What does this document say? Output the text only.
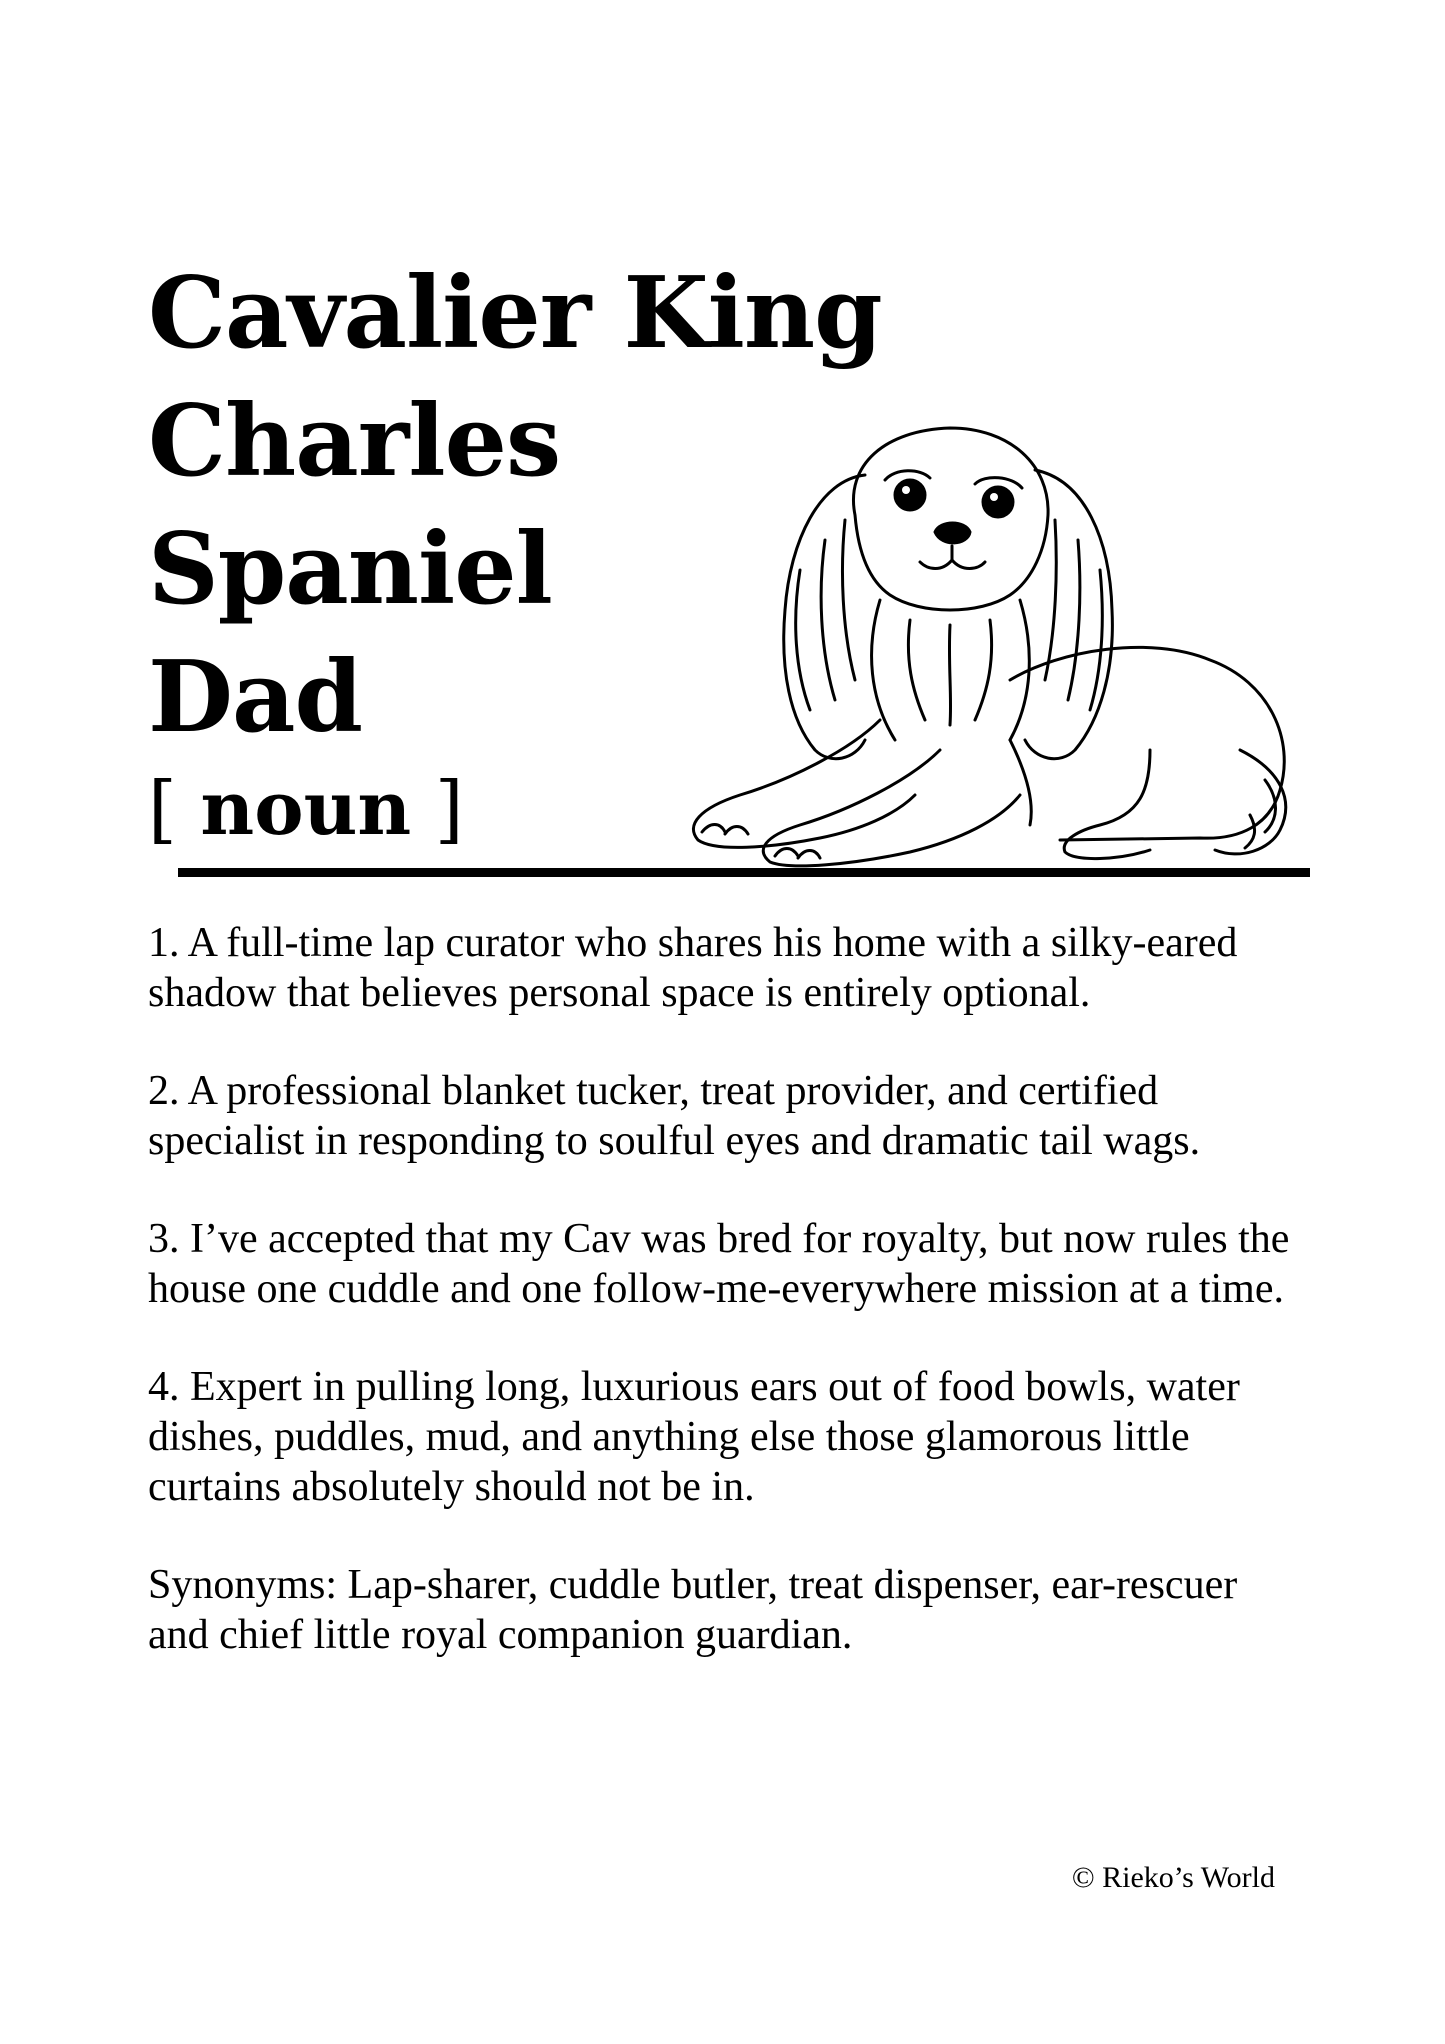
Cavalier King
Charles
Spaniel
Dad
[ noun ]

1. A full-time lap curator who shares his home with a silky-eared shadow that believes personal space is entirely optional.

2. A professional blanket tucker, treat provider, and certified specialist in responding to soulful eyes and dramatic tail wags.

3. I’ve accepted that my Cav was bred for royalty, but now rules the house one cuddle and one follow-me-everywhere mission at a time.

4. Expert in pulling long, luxurious ears out of food bowls, water dishes, puddles, mud, and anything else those glamorous little curtains absolutely should not be in.

Synonyms: Lap-sharer, cuddle butler, treat dispenser, ear-rescuer and chief little royal companion guardian.

© Rieko’s World
